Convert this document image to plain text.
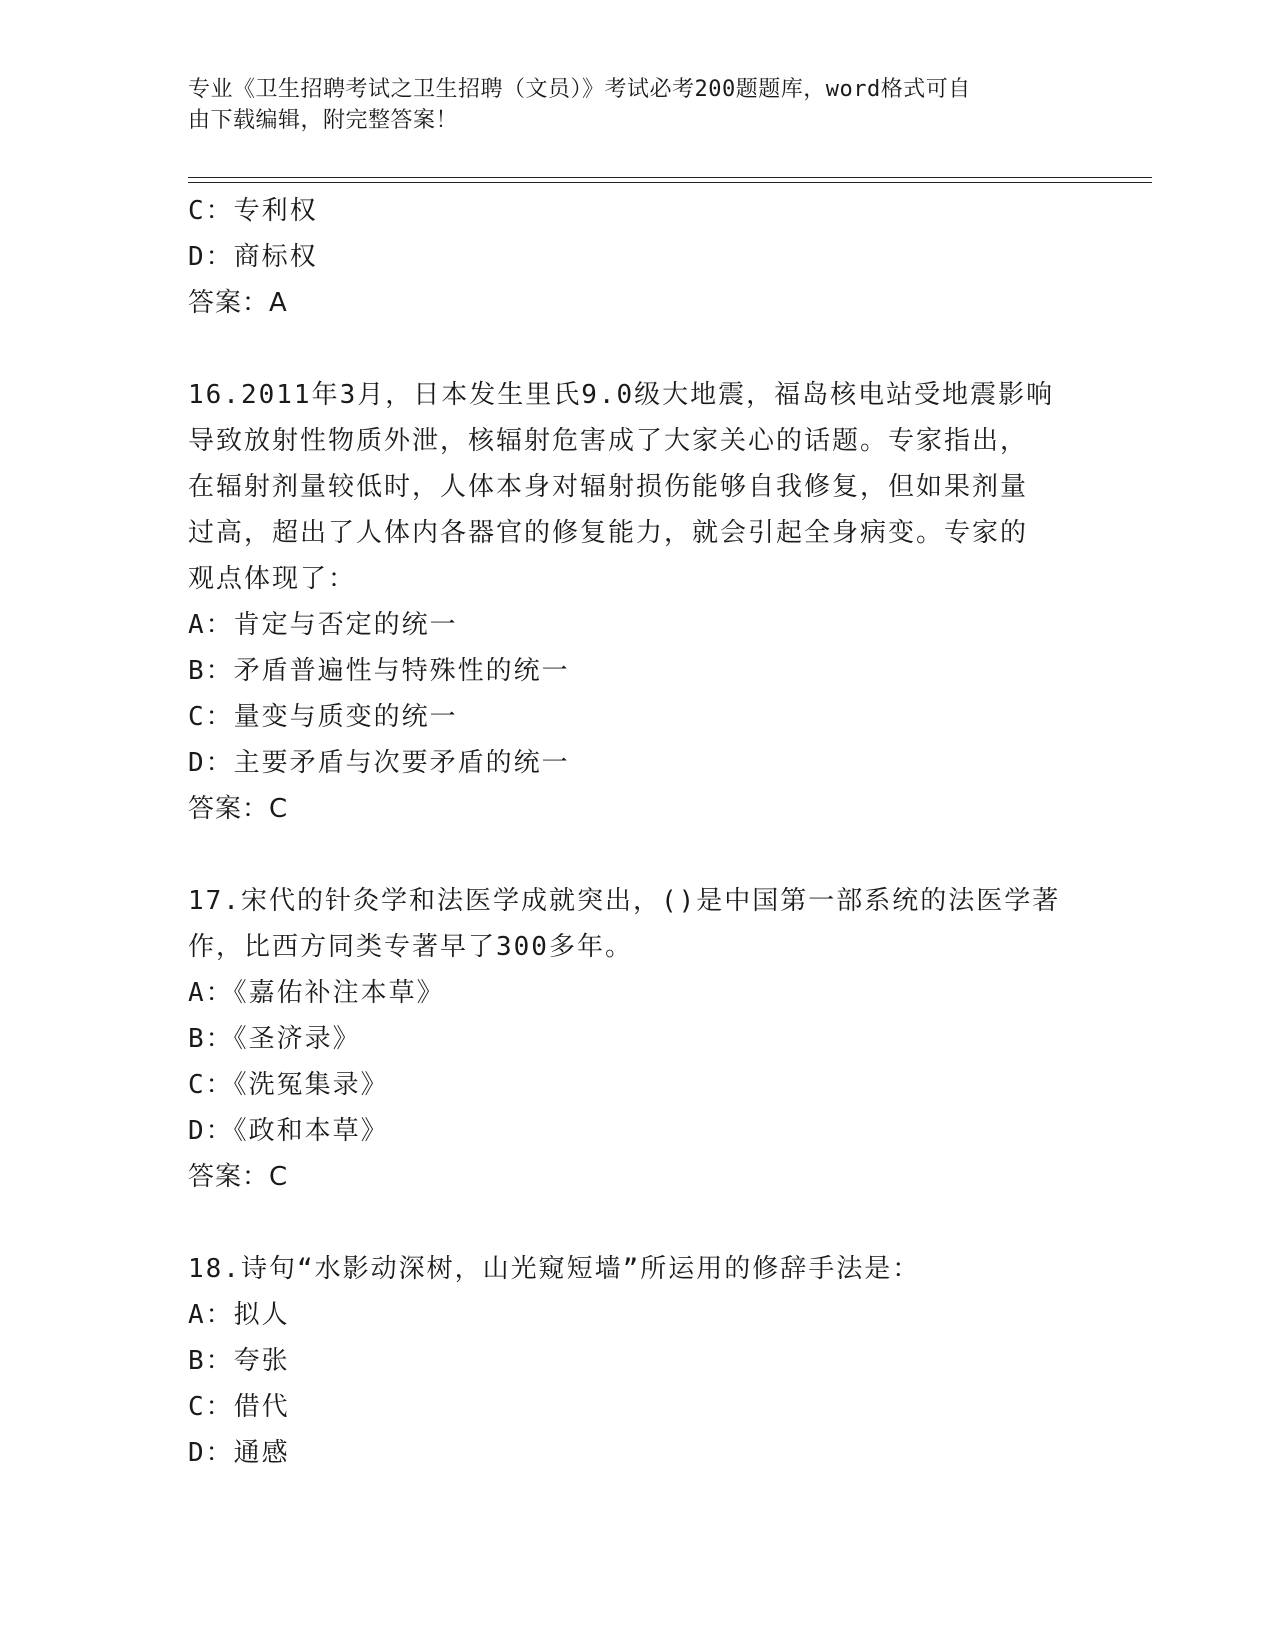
专业《卫生招聘考试之卫生招聘（文员）》考试必考200题题库，word格式可自
由下载编辑，附完整答案！
C：专利权
D：商标权
答案：A
16.2011年3月，日本发生里氏9.0级大地震，福岛核电站受地震影响
导致放射性物质外泄，核辐射危害成了大家关心的话题。专家指出，
在辐射剂量较低时，人体本身对辐射损伤能够自我修复，但如果剂量
过高，超出了人体内各器官的修复能力，就会引起全身病变。专家的
观点体现了：
A：肯定与否定的统一
B：矛盾普遍性与特殊性的统一
C：量变与质变的统一
D：主要矛盾与次要矛盾的统一
答案：C
17.宋代的针灸学和法医学成就突出，()是中国第一部系统的法医学著
作，比西方同类专著早了300多年。
A：《嘉佑补注本草》
B：《圣济录》
C：《洗冤集录》
D：《政和本草》
答案：C
18.诗句“水影动深树，山光窥短墙”所运用的修辞手法是：
A：拟人
B：夸张
C：借代
D：通感
